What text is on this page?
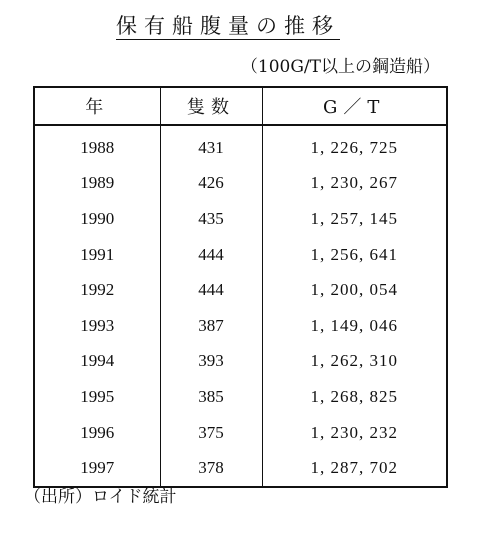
保有船腹量の推移
（100G/T以上の鋼造船）
年	隻数	G／T
1988	431	1, 226, 725
1989	426	1, 230, 267
1990	435	1, 257, 145
1991	444	1, 256, 641
1992	444	1, 200, 054
1993	387	1, 149, 046
1994	393	1, 262, 310
1995	385	1, 268, 825
1996	375	1, 230, 232
1997	378	1, 287, 702
（出所）ロイド統計
